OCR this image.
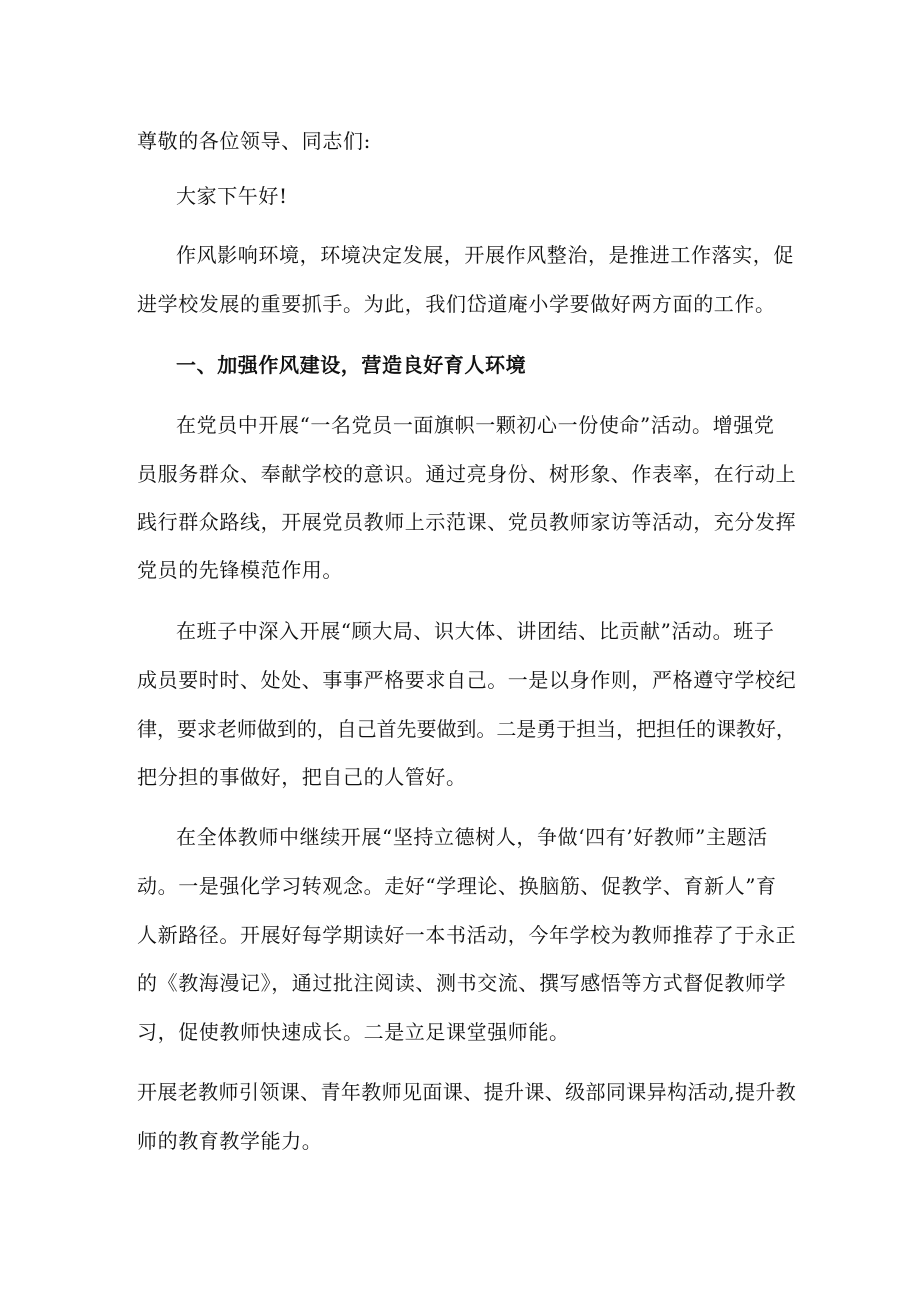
尊敬的各位领导、同志们:
大家下午好!
作风影响环境，环境决定发展，开展作风整治，是推进工作落实，促
进学校发展的重要抓手。为此，我们岱道庵小学要做好两方面的工作。
一、加强作风建设，营造良好育人环境
在党员中开展“一名党员一面旗帜一颗初心一份使命”活动。增强党
员服务群众、奉献学校的意识。通过亮身份、树形象、作表率，在行动上
践行群众路线，开展党员教师上示范课、党员教师家访等活动，充分发挥
党员的先锋模范作用。
在班子中深入开展“顾大局、识大体、讲团结、比贡献”活动。班子
成员要时时、处处、事事严格要求自己。一是以身作则，严格遵守学校纪
律，要求老师做到的，自己首先要做到。二是勇于担当，把担任的课教好，
把分担的事做好，把自己的人管好。
在全体教师中继续开展“坚持立德树人，争做‘四有’好教师”主题活
动。一是强化学习转观念。走好“学理论、换脑筋、促教学、育新人”育
人新路径。开展好每学期读好一本书活动，今年学校为教师推荐了于永正
的《教海漫记》，通过批注阅读、测书交流、撰写感悟等方式督促教师学
习，促使教师快速成长。二是立足课堂强师能。
开展老教师引领课、青年教师见面课、提升课、级部同课异构活动,提升教
师的教育教学能力。
